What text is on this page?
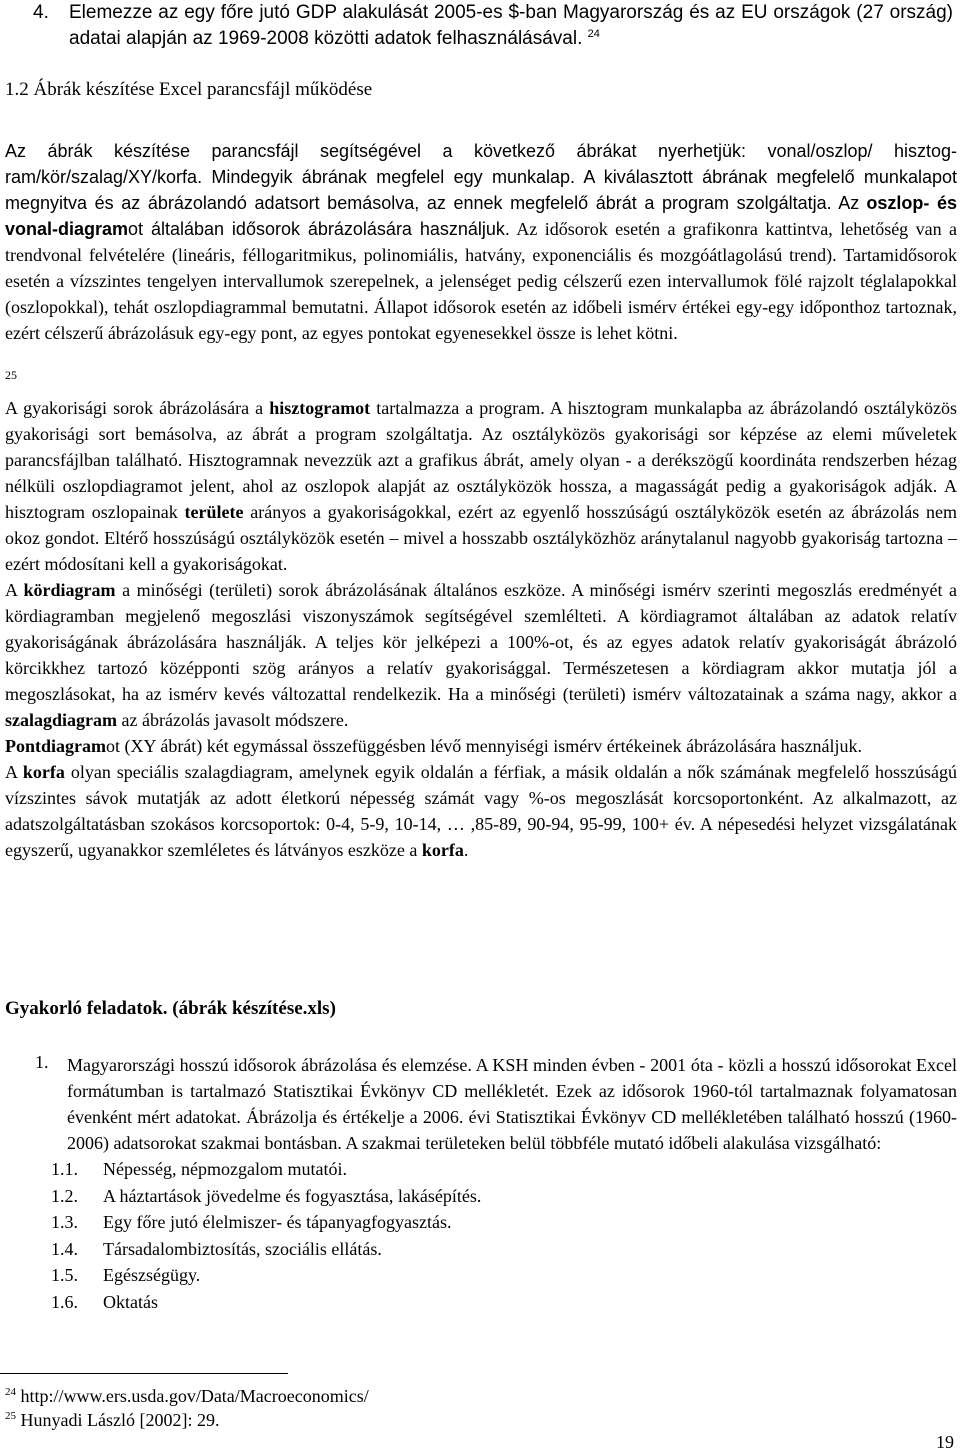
4. Elemezze az egy főre jutó GDP alakulását 2005-es $-ban Magyarország és az EU országok (27 ország) adatai alapján az 1969-2008 közötti adatok felhasználásával. $^{24}$

1.2 Ábrák készítése Excel parancsfájl működése

Az ábrák készítése parancsfájl segítségével a következő ábrákat nyerhetjük: vonal/oszlop/ hisztog- ram/kör/szalag/XY/korfa. Mindegyik ábrának megfelel egy munkalap. A kiválasztott ábrának megfelelő munkalapot megnyitva és az ábrázolandó adatsort bemásolva, az ennek megfelelő ábrát a program szolgáltatja. Az oszlop- és vonal-diagramot általában idősorok ábrázolására használjuk. Az idősorok esetén a grafikonra kattintva, lehetőség van a trendvonal felvételére (lineáris, féllogaritmikus, polinomiális, hatvány, exponenciális és mozgóátlagolású trend). Tartamidősorok esetén a vízszintes tengelyen intervallumok szerepelnek, a jelenséget pedig célszerű ezen intervallumok fölé rajzolt téglalapokkal (oszlopokkal), tehát oszlopdiagrammal bemutatni. Állapot idősorok esetén az időbeli ismérv értékei egy-egy időponthoz tartoznak, ezért célszerű ábrázolásuk egy-egy pont, az egyes pontokat egyenesekkel össze is lehet kötni.

25

A gyakorisági sorok ábrázolására a hisztogramot tartalmazza a program. A hisztogram munkalapba az ábrázolandó osztályközös gyakorisági sort bemásolva, az ábrát a program szolgáltatja. Az osztályközös gyakorisági sor képzése az elemi műveletek parancsfájlban található. Hisztogramnak nevezzük azt a grafikus ábrát, amely olyan - a derékszögű koordináta rendszerben hézag nélküli oszlopdiagramot jelent, ahol az oszlopok alapját az osztályközök hossza, a magasságát pedig a gyakoriságok adják. A hisztogram oszlopainak területe arányos a gyakoriságokkal, ezért az egyenlő hosszúságú osztályközök esetén az ábrázolás nem okoz gondot. Eltérő hosszúságú osztályközök esetén – mivel a hosszabb osztályközhöz aránytalanul nagyobb gyakoriság tartozna – ezért módosítani kell a gyakoriságokat.
A kördiagram a minőségi (területi) sorok ábrázolásának általános eszköze. A minőségi ismérv szerinti megoszlás eredményét a kördiagramban megjelenő megoszlási viszonyszámok segítségével szemlélteti. A kördiagramot általában az adatok relatív gyakoriságának ábrázolására használják. A teljes kör jelképezi a 100%-ot, és az egyes adatok relatív gyakoriságát ábrázoló körcikkhez tartozó középponti szög arányos a relatív gyakorisággal. Természetesen a kördiagram akkor mutatja jól a megoszlásokat, ha az ismérv kevés változattal rendelkezik. Ha a minőségi (területi) ismérv változatainak a száma nagy, akkor a szalagdiagram az ábrázolás javasolt módszere.
Pontdiagramot (XY ábrát) két egymással összefüggésben lévő mennyiségi ismérv értékeinek ábrázolására használjuk.
A korfa olyan speciális szalagdiagram, amelynek egyik oldalán a férfiak, a másik oldalán a nők számának megfelelő hosszúságú vízszintes sávok mutatják az adott életkorú népesség számát vagy %-os megoszlását korcsoportonként. Az alkalmazott, az adatszolgáltatásban szokásos korcsoportok: 0-4, 5-9, 10-14, … ,85-89, 90-94, 95-99, 100+ év. A népesedési helyzet vizsgálatának egyszerű, ugyanakkor szemléletes és látványos eszköze a korfa.

Gyakorló feladatok. (ábrák készítése.xls)
1. Magyarországi hosszú idősorok ábrázolása és elemzése. A KSH minden évben - 2001 óta - közli a hosszú idősorokat Excel formátumban is tartalmazó Statisztikai Évkönyv CD mellékletét. Ezek az idősorok 1960-tól tartalmaznak folyamatosan évenként mért adatokat. Ábrázolja és értékelje a 2006. évi Statisztikai Évkönyv CD mellékletében található hosszú (1960-2006) adatsorokat szakmai bontásban. A szakmai területeken belül többféle mutató időbeli alakulása vizsgálható:

1.1. Népesség, népmozgalom mutatói.
1.2. A háztartások jövedelme és fogyasztása, lakásépítés.
1.3. Egy főre jutó élelmiszer- és tápanyagfogyasztás.
1.4. Társadalombiztosítás, szociális ellátás.
1.5. Egészségügy.
1.6. Oktatás
$^{24}$ http://www.ers.usda.gov/Data/Macroeconomics/
$^{25}$ Hunyadi László [2002]: 29.
19
